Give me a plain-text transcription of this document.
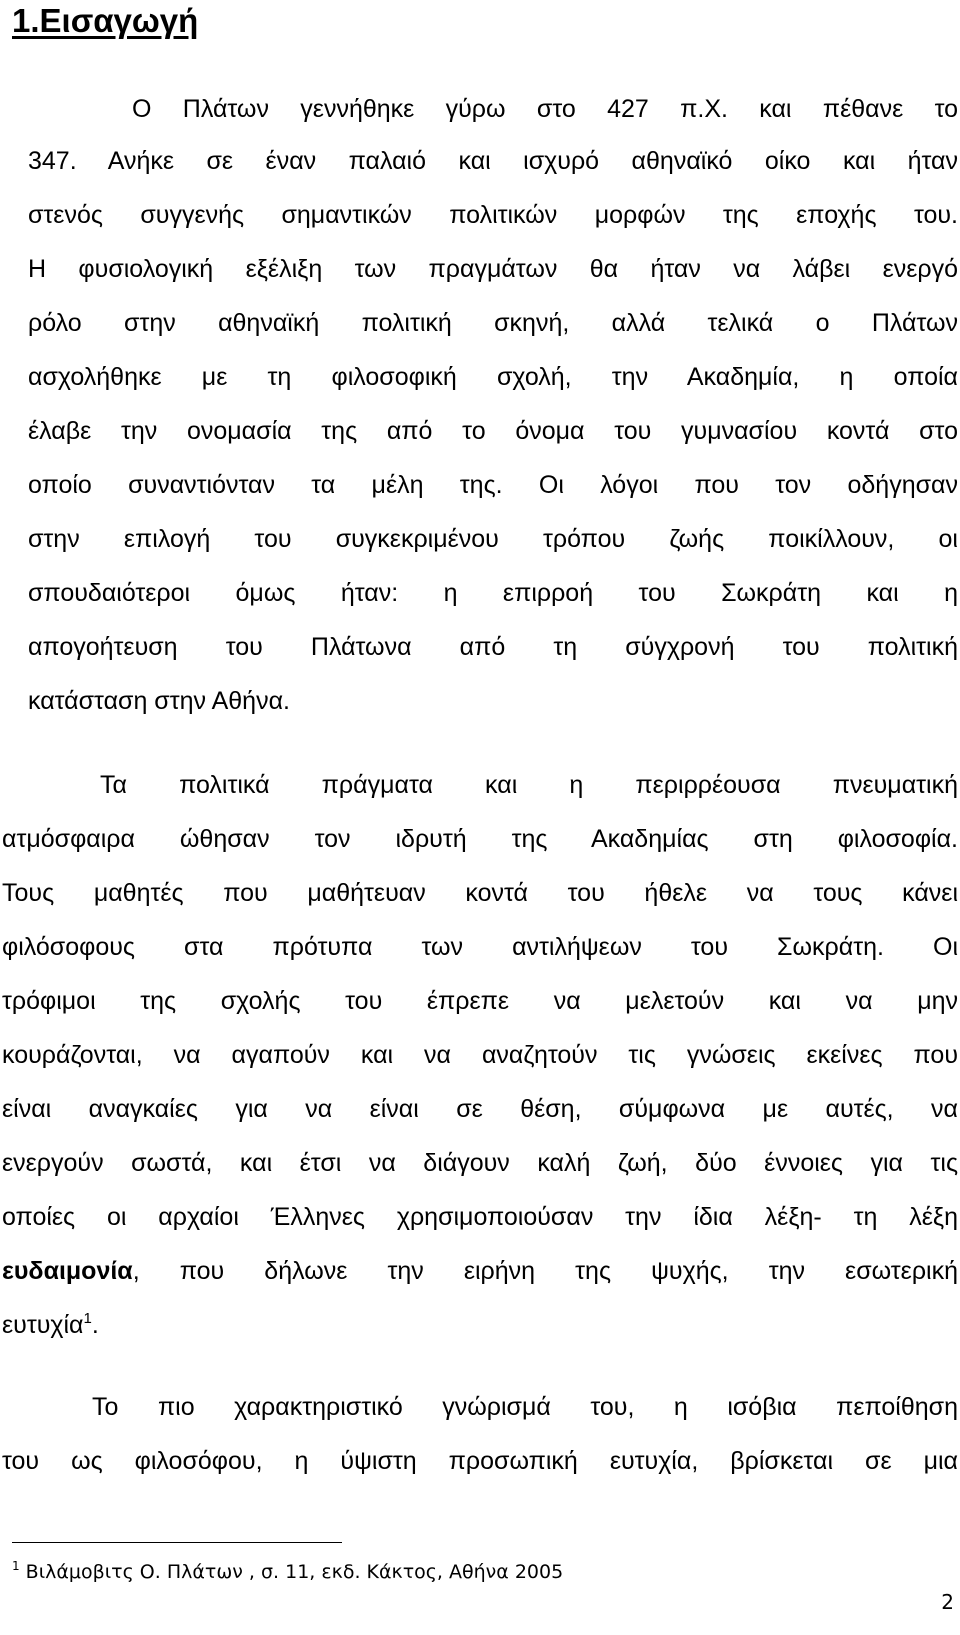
1.Εισαγωγή
Ο Πλάτων γεννήθηκε γύρω στο 427 π.Χ. και πέθανε το
347. Ανήκε σε έναν παλαιό και ισχυρό αθηναϊκό οίκο και ήταν
στενός συγγενής σημαντικών πολιτικών μορφών της εποχής του.
Η φυσιολογική εξέλιξη των πραγμάτων θα ήταν να λάβει ενεργό
ρόλο στην αθηναϊκή πολιτική σκηνή, αλλά τελικά ο Πλάτων
ασχολήθηκε με τη φιλοσοφική σχολή, την Ακαδημία, η οποία
έλαβε την ονομασία της από το όνομα του γυμνασίου κοντά στο
οποίο συναντιόνταν τα μέλη της. Οι λόγοι που τον οδήγησαν
στην επιλογή του συγκεκριμένου τρόπου ζωής ποικίλλουν, οι
σπουδαιότεροι όμως ήταν: η επιρροή του Σωκράτη και η
απογοήτευση του Πλάτωνα από τη σύγχρονή του πολιτική
κατάσταση στην Αθήνα.
Τα πολιτικά πράγματα και η περιρρέουσα πνευματική
ατμόσφαιρα ώθησαν τον ιδρυτή της Ακαδημίας στη φιλοσοφία.
Τους μαθητές που μαθήτευαν κοντά του ήθελε να τους κάνει
φιλόσοφους στα πρότυπα των αντιλήψεων του Σωκράτη. Οι
τρόφιμοι της σχολής του έπρεπε να μελετούν και να μην
κουράζονται, να αγαπούν και να αναζητούν τις γνώσεις εκείνες που
είναι αναγκαίες για να είναι σε θέση, σύμφωνα με αυτές, να
ενεργούν σωστά, και έτσι να διάγουν καλή ζωή, δύο έννοιες για τις
οποίες οι αρχαίοι Έλληνες χρησιμοποιούσαν την ίδια λέξη- τη λέξη
ευδαιμονία, που δήλωνε την ειρήνη της ψυχής, την εσωτερική
ευτυχία$^1$.
Το πιο χαρακτηριστικό γνώρισμά του, η ισόβια πεποίθηση
του ως φιλοσόφου, η ύψιστη προσωπική ευτυχία, βρίσκεται σε μια
$^1$ Βιλάμοβιτς Ο. Πλάτων , σ. 11, εκδ. Κάκτος, Αθήνα 2005
2
